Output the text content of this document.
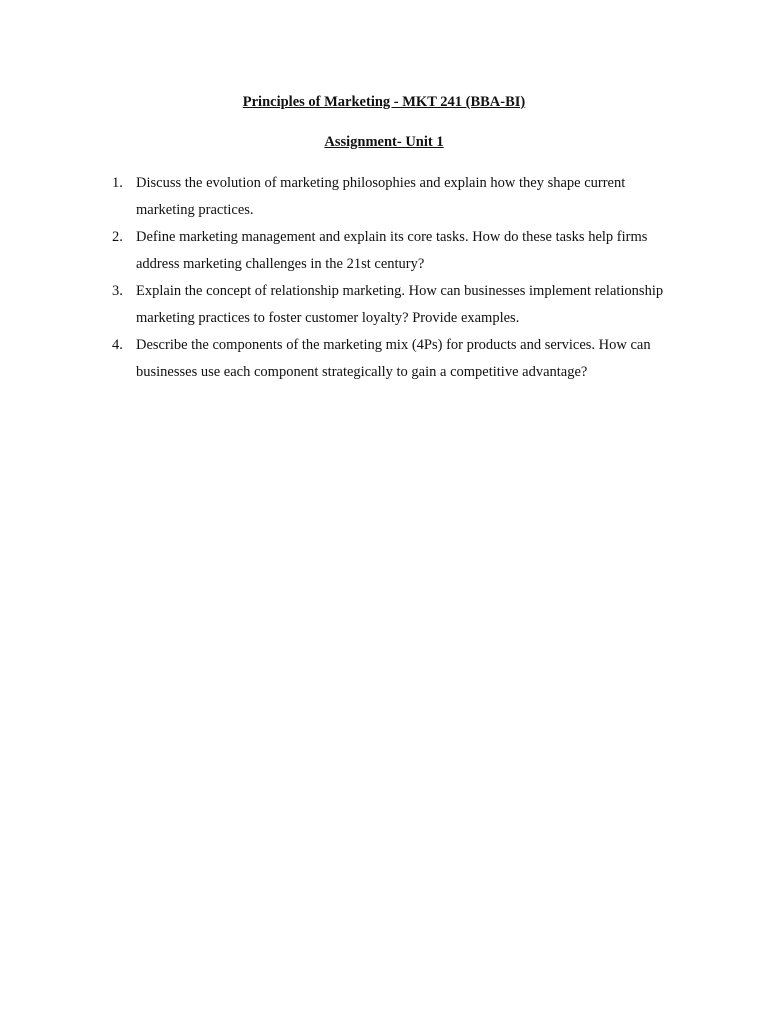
Principles of Marketing - MKT 241 (BBA-BI)
Assignment- Unit 1
1. Discuss the evolution of marketing philosophies and explain how they shape current marketing practices.
2. Define marketing management and explain its core tasks. How do these tasks help firms address marketing challenges in the 21st century?
3. Explain the concept of relationship marketing. How can businesses implement relationship marketing practices to foster customer loyalty? Provide examples.
4. Describe the components of the marketing mix (4Ps) for products and services. How can businesses use each component strategically to gain a competitive advantage?
